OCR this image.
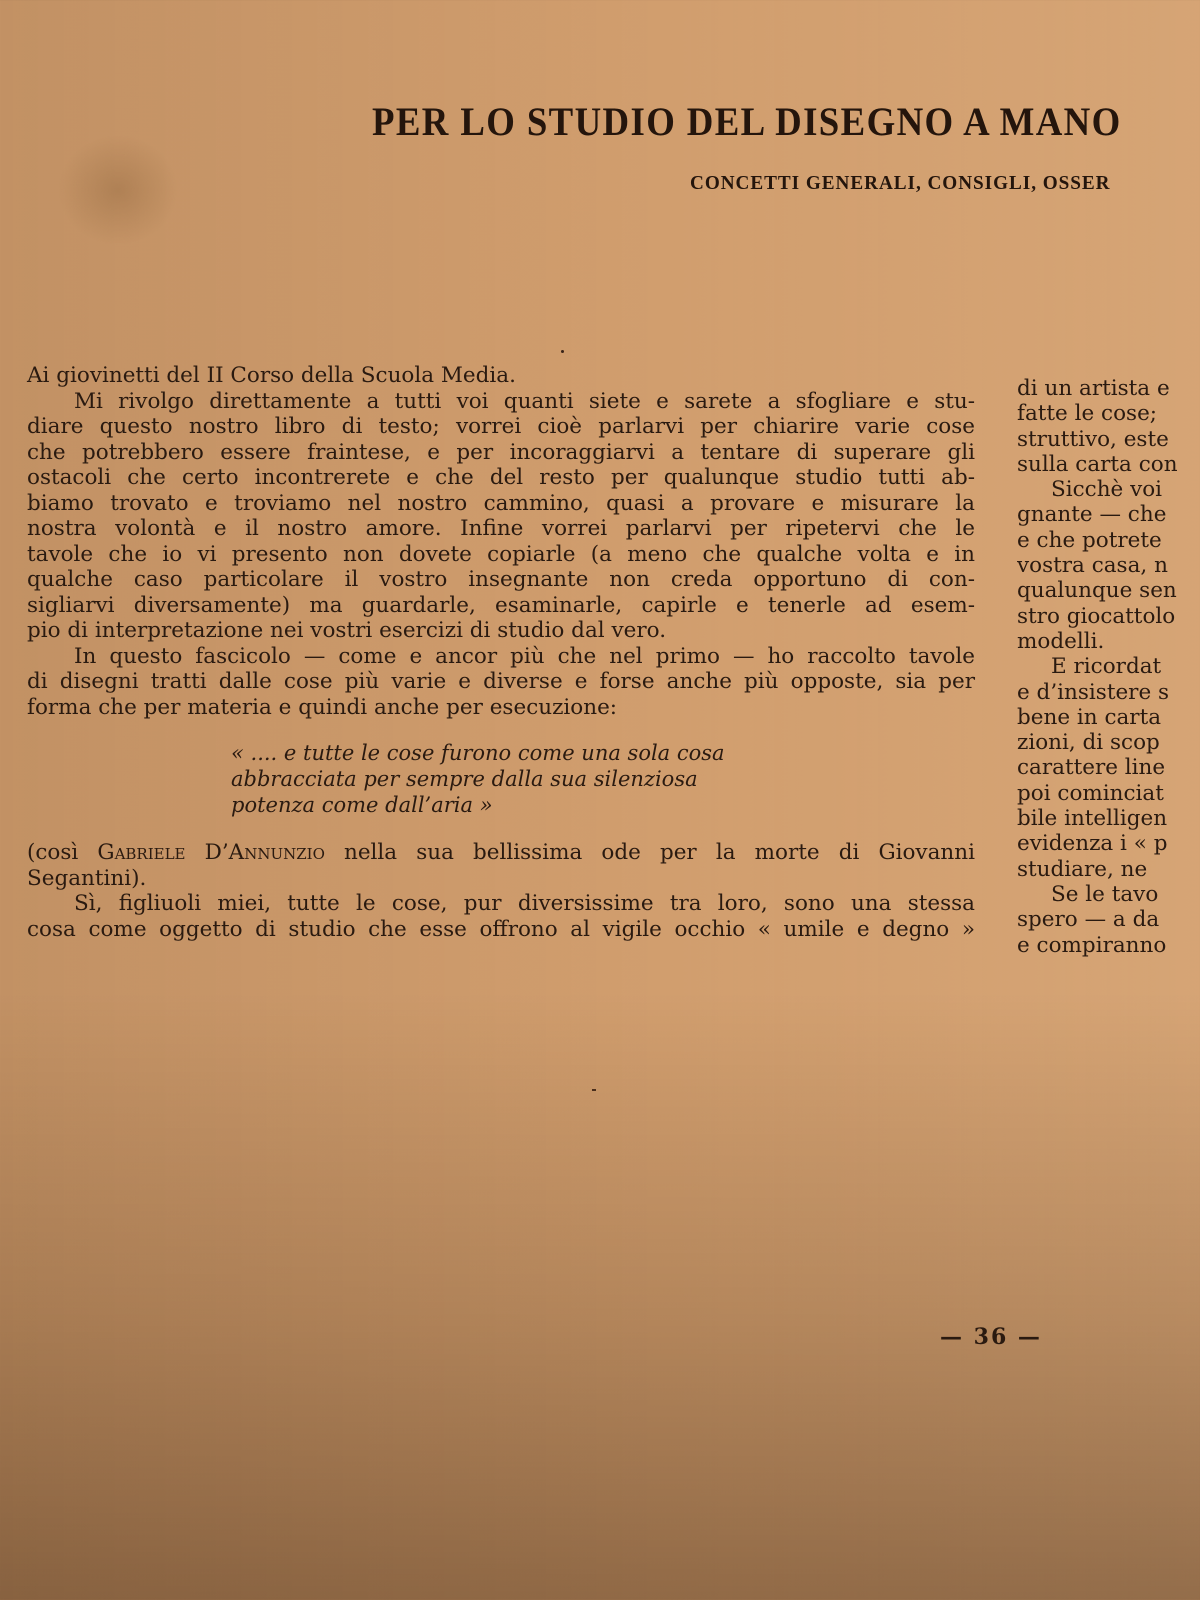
PER LO STUDIO DEL DISEGNO A MANO
CONCETTI GENERALI, CONSIGLI, OSSER
Ai giovinetti del II Corso della Scuola Media.
Mi rivolgo direttamente a tutti voi quanti siete e sarete a sfogliare e stu-
diare questo nostro libro di testo; vorrei cioè parlarvi per chiarire varie cose
che potrebbero essere fraintese, e per incoraggiarvi a tentare di superare gli
ostacoli che certo incontrerete e che del resto per qualunque studio tutti ab-
biamo trovato e troviamo nel nostro cammino, quasi a provare e misurare la
nostra volontà e il nostro amore. Infine vorrei parlarvi per ripetervi che le
tavole che io vi presento non dovete copiarle (a meno che qualche volta e in
qualche caso particolare il vostro insegnante non creda opportuno di con-
sigliarvi diversamente) ma guardarle, esaminarle, capirle e tenerle ad esem-
pio di interpretazione nei vostri esercizi di studio dal vero.
In questo fascicolo — come e ancor più che nel primo — ho raccolto tavole
di disegni tratti dalle cose più varie e diverse e forse anche più opposte, sia per
forma che per materia e quindi anche per esecuzione:
« .... e tutte le cose furono come una sola cosa
abbracciata per sempre dalla sua silenziosa
potenza come dall’aria »
(così Gabriele D’Annunzio nella sua bellissima ode per la morte di Giovanni
Segantini).
Sì, figliuoli miei, tutte le cose, pur diversissime tra loro, sono una stessa
cosa come oggetto di studio che esse offrono al vigile occhio « umile e degno »
di un artista e
fatte le cose;
struttivo, este
sulla carta con
Sicchè voi
gnante — che
e che potrete
vostra casa, n
qualunque sen
stro giocattolo
modelli.
E ricordat
e d’insistere s
bene in carta
zioni, di scop
carattere line
poi cominciat
bile intelligen
evidenza i « p
studiare, ne
Se le tavo
spero — a da
e compiranno
— 36 —
